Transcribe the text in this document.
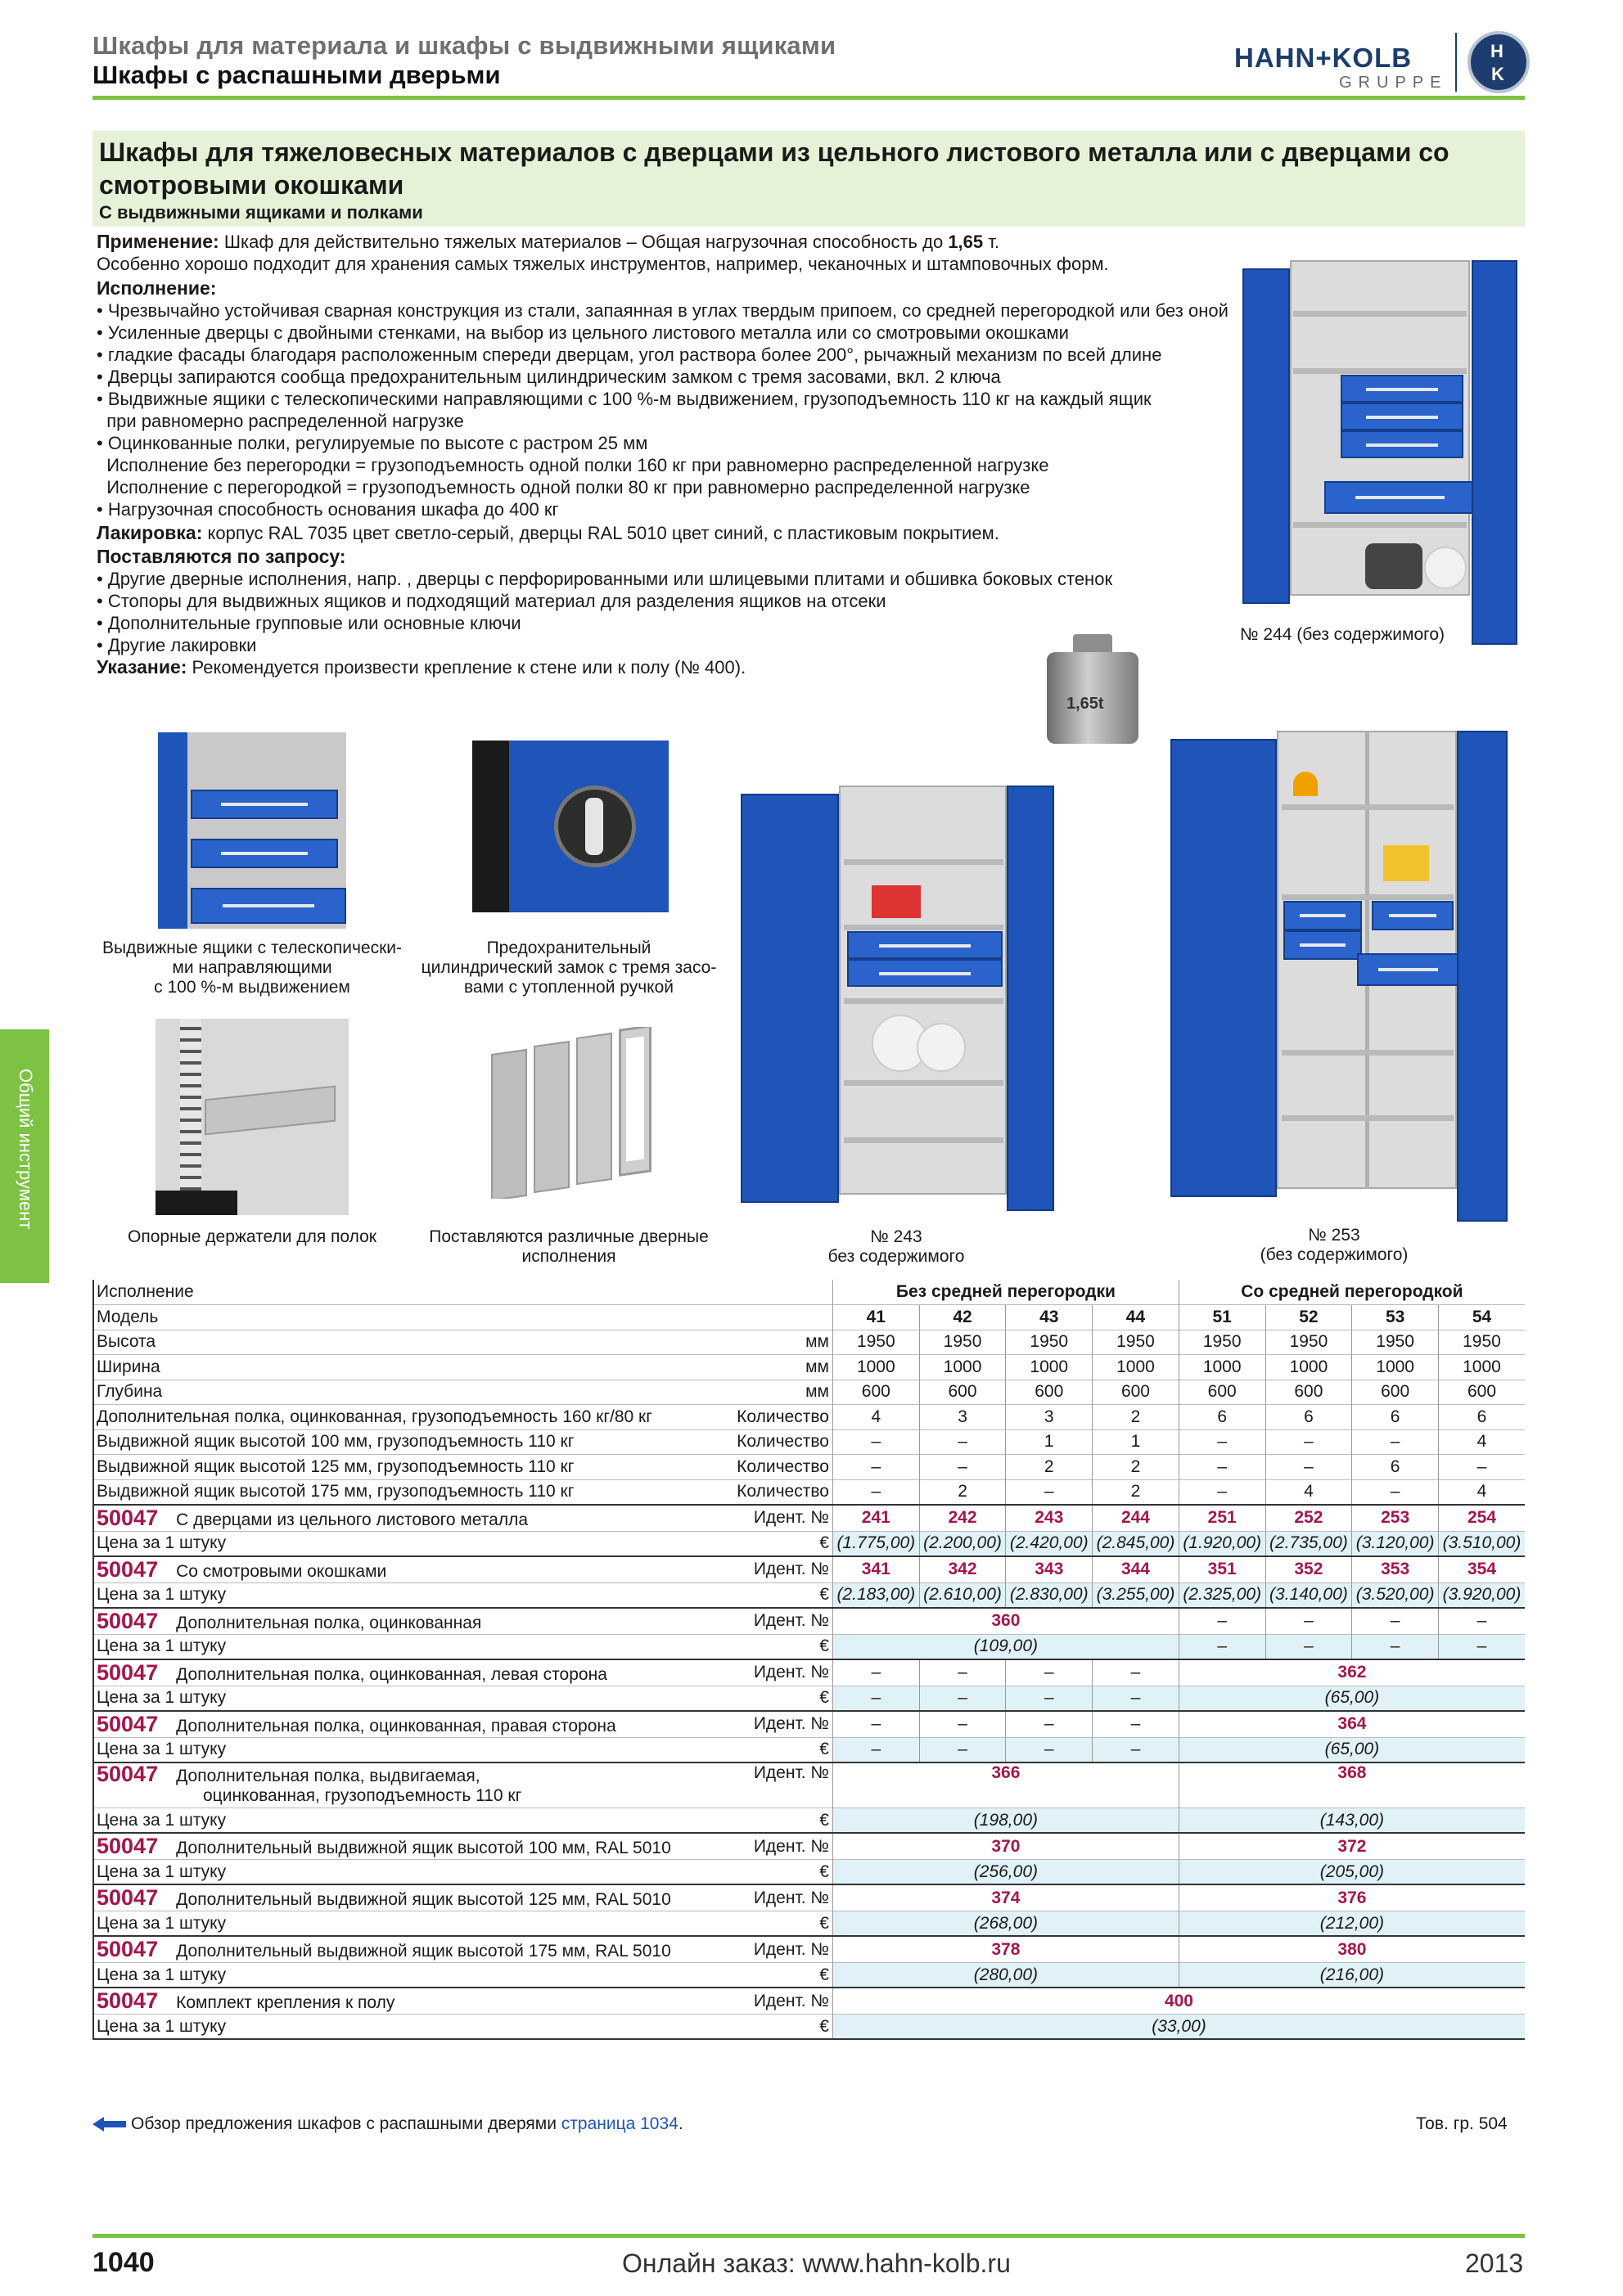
Шкафы для материала и шкафы с выдвижными ящиками
Шкафы с распашными дверьми
HAHN+KOLB
GRUPPE
H
K
Шкафы для тяжеловесных материалов с дверцами из цельного листового металла или с дверцами со смотровыми окошками
С выдвижными ящиками и полками

Применение: Шкаф для действительно тяжелых материалов – Общая нагрузочная способность до 1,65 т.

Особенно хорошо подходит для хранения самых тяжелых инструментов, например, чеканочных и штамповочных форм.

Исполнение:

• Чрезвычайно устойчивая сварная конструкция из стали, запаянная в углах твердым припоем, со средней перегородкой или без оной

• Усиленные дверцы с двойными стенками, на выбор из цельного листового металла или со смотровыми окошками

• гладкие фасады благодаря расположенным спереди дверцам, угол раствора более 200°, рычажный механизм по всей длине

• Дверцы запираются сообща предохранительным цилиндрическим замком с тремя засовами, вкл. 2 ключа

• Выдвижные ящики с телескопическими направляющими с 100 %-м выдвижением, грузоподъемность 110 кг на каждый ящик

при равномерно распределенной нагрузке

• Оцинкованные полки, регулируемые по высоте с растром 25 мм

Исполнение без перегородки = грузоподъемность одной полки 160 кг при равномерно распределенной нагрузке

Исполнение с перегородкой = грузоподъемность одной полки 80 кг при равномерно распределенной нагрузке

• Нагрузочная способность основания шкафа до 400 кг

Лакировка: корпус RAL 7035 цвет светло-серый, дверцы RAL 5010 цвет синий, с пластиковым покрытием.

Поставляются по запросу:

• Другие дверные исполнения, напр. , дверцы с перфорированными или шлицевыми плитами и обшивка боковых стенок

• Стопоры для выдвижных ящиков и подходящий материал для разделения ящиков на отсеки

• Дополнительные групповые или основные ключи

• Другие лакировки

Указание: Рекомендуется произвести крепление к стене или к полу (№ 400).

№ 244 (без содержимого)
1,65t
Выдвижные ящики с телескопически-
ми направляющими
с 100 %-м выдвижением
Предохранительный
цилиндрический замок с тремя засо-
вами с утопленной ручкой
№ 243
без содержимого
№ 253
(без содержимого)
Опорные держатели для полок	Поставляются различные дверные
исполнения
Общий инструмент
Исполнение		Без средней перегородки				Со средней перегородкой			
Модель		41	42	43	44	51	52	53	54
Высота	мм	1950	1950	1950	1950	1950	1950	1950	1950
Ширина	мм	1000	1000	1000	1000	1000	1000	1000	1000
Глубина	мм	600	600	600	600	600	600	600	600
Дополнительная полка, оцинкованная, грузоподъемность 160 кг/80 кг	Количество	4	3	3	2	6	6	6	6
Выдвижной ящик высотой 100 мм, грузоподъемность 110 кг	Количество	–	–	1	1	–	–	–	4
Выдвижной ящик высотой 125 мм, грузоподъемность 110 кг	Количество	–	–	2	2	–	–	6	–
Выдвижной ящик высотой 175 мм, грузоподъемность 110 кг	Количество	–	2	–	2	–	4	–	4
50047 С дверцами из цельного листового металла	Идент. №	241	242	243	244	251	252	253	254
Цена за 1 штуку	€	(1.775,00)	(2.200,00)	(2.420,00)	(2.845,00)	(1.920,00)	(2.735,00)	(3.120,00)	(3.510,00)
50047 Со смотровыми окошками	Идент. №	341	342	343	344	351	352	353	354
Цена за 1 штуку	€	(2.183,00)	(2.610,00)	(2.830,00)	(3.255,00)	(2.325,00)	(3.140,00)	(3.520,00)	(3.920,00)
50047 Дополнительная полка, оцинкованная	Идент. №	360				–	–	–	–
Цена за 1 штуку	€	(109,00)				–	–	–	–
50047 Дополнительная полка, оцинкованная, левая сторона	Идент. №	–	–	–	–	362			
Цена за 1 штуку	€	–	–	–	–	(65,00)			
50047 Дополнительная полка, оцинкованная, правая сторона	Идент. №	–	–	–	–	364			
Цена за 1 штуку	€	–	–	–	–	(65,00)			
50047 Дополнительная полка, выдвигаемая,
оцинкованная, грузоподъемность 110 кг	Идент. №	366				368			
Цена за 1 штуку	€	(198,00)				(143,00)			
50047 Дополнительный выдвижной ящик высотой 100 мм, RAL 5010	Идент. №	370				372			
Цена за 1 штуку	€	(256,00)				(205,00)			
50047 Дополнительный выдвижной ящик высотой 125 мм, RAL 5010	Идент. №	374				376			
Цена за 1 штуку	€	(268,00)				(212,00)			
50047 Дополнительный выдвижной ящик высотой 175 мм, RAL 5010	Идент. №	378				380			
Цена за 1 штуку	€	(280,00)				(216,00)			
50047 Комплект крепления к полу	Идент. №	400							
Цена за 1 штуку	€	(33,00)							
Обзор предложения шкафов с распашными дверями страница 1034.	Тов. гр. 504
1040	Онлайн заказ: www.hahn-kolb.ru	2013
